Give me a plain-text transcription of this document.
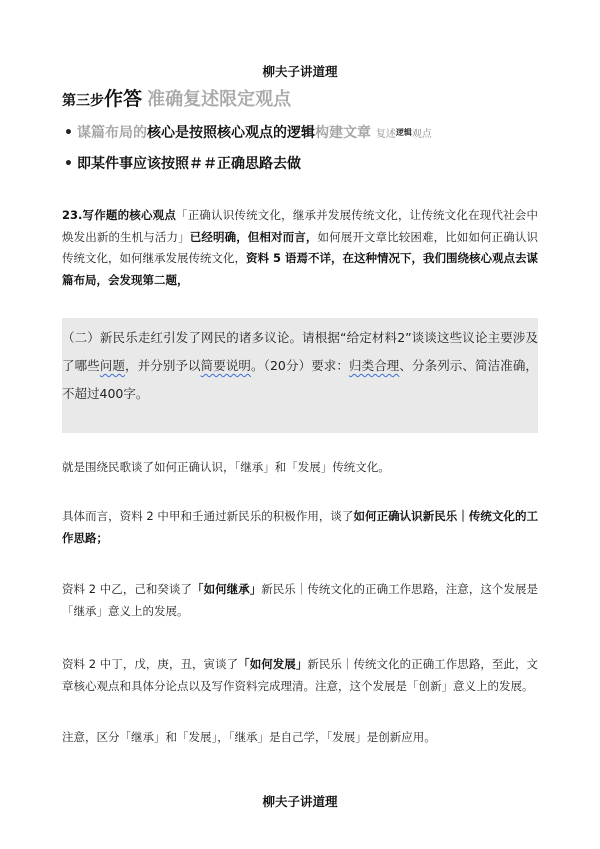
柳夫子讲道理
第三步作答 准确复述限定观点
• 谋篇布局的核心是按照核心观点的逻辑构建文章 复述逻辑观点
• 即某件事应该按照＃＃正确思路去做
23.写作题的核心观点「正确认识传统文化，继承并发展传统文化，让传统文化在现代社会中焕发出新的生机与活力」已经明确，但相对而言，如何展开文章比较困难，比如如何正确认识传统文化，如何继承发展传统文化，资料 5 语焉不详，在这种情况下，我们围绕核心观点去谋篇布局，会发现第二题，
（二）新民乐走红引发了网民的诸多议论。请根据“给定材料2”谈谈这些议论主要涉及了哪些问题，并分别予以简要说明。（20分）要求：归类合理、分条列示、简洁准确，不超过400字。
就是围绕民歌谈了如何正确认识，「继承」和「发展」传统文化。
具体而言，资料 2 中甲和壬通过新民乐的积极作用，谈了如何正确认识新民乐｜传统文化的工作思路；
资料 2 中乙，己和癸谈了「如何继承」新民乐｜传统文化的正确工作思路，注意，这个发展是「继承」意义上的发展。
资料 2 中丁，戊，庚，丑，寅谈了「如何发展」新民乐｜传统文化的正确工作思路，至此，文章核心观点和具体分论点以及写作资料完成理清。注意，这个发展是「创新」意义上的发展。
注意，区分「继承」和「发展」，「继承」是自己学，「发展」是创新应用。
柳夫子讲道理
